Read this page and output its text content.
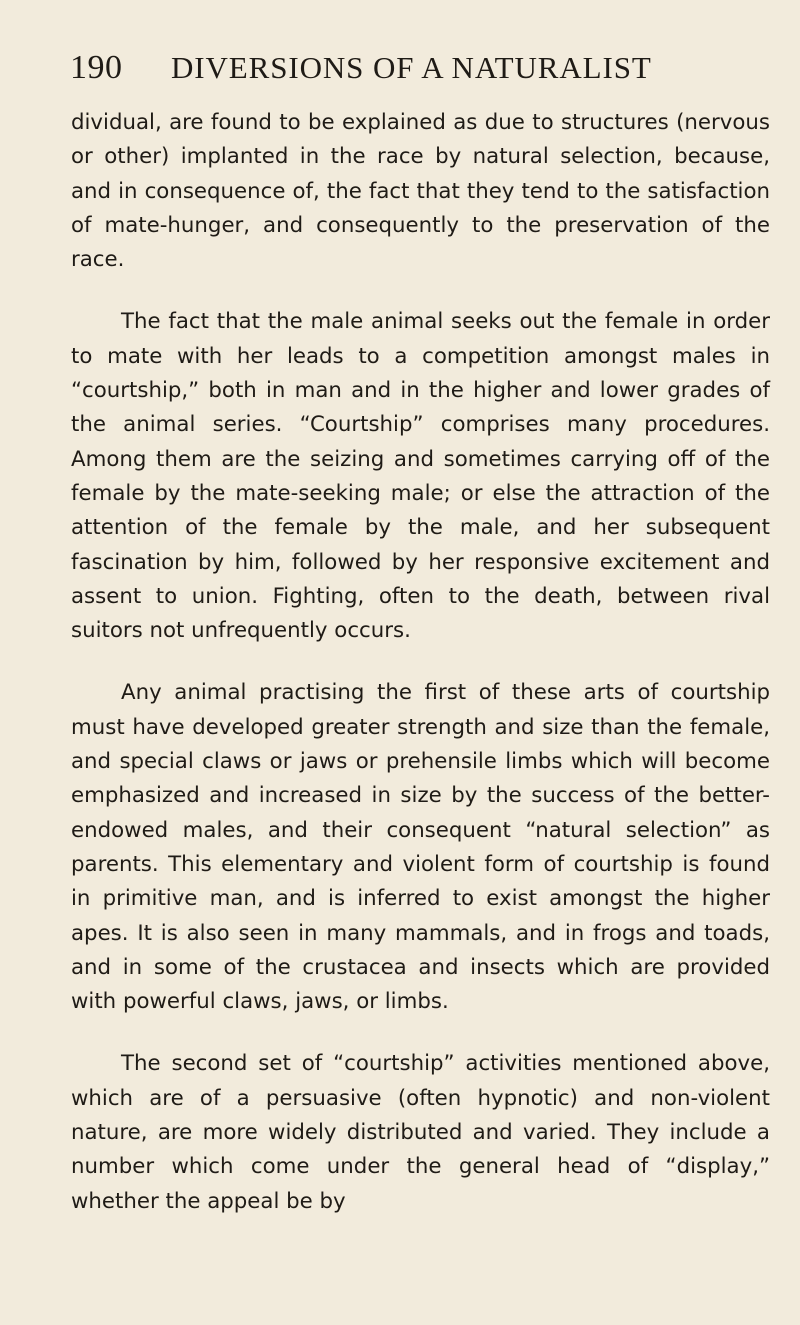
190 DIVERSIONS OF A NATURALIST

dividual, are found to be explained as due to structures (nervous or other) implanted in the race by natural selection, because, and in consequence of, the fact that they tend to the satisfaction of mate-hunger, and consequently to the preservation of the race.

The fact that the male animal seeks out the female in order to mate with her leads to a competition amongst males in “courtship,” both in man and in the higher and lower grades of the animal series. “Courtship” comprises many procedures. Among them are the seizing and sometimes carrying off of the female by the mate-seeking male; or else the attraction of the attention of the female by the male, and her subsequent fascination by him, followed by her responsive excitement and assent to union. Fighting, often to the death, between rival suitors not unfrequently occurs.

Any animal practising the first of these arts of courtship must have developed greater strength and size than the female, and special claws or jaws or prehensile limbs which will become emphasized and increased in size by the success of the better-endowed males, and their consequent “natural selection” as parents. This elementary and violent form of courtship is found in primitive man, and is inferred to exist amongst the higher apes. It is also seen in many mammals, and in frogs and toads, and in some of the crustacea and insects which are provided with powerful claws, jaws, or limbs.

The second set of “courtship” activities mentioned above, which are of a persuasive (often hypnotic) and non-violent nature, are more widely distributed and varied. They include a number which come under the general head of “display,” whether the appeal be by
